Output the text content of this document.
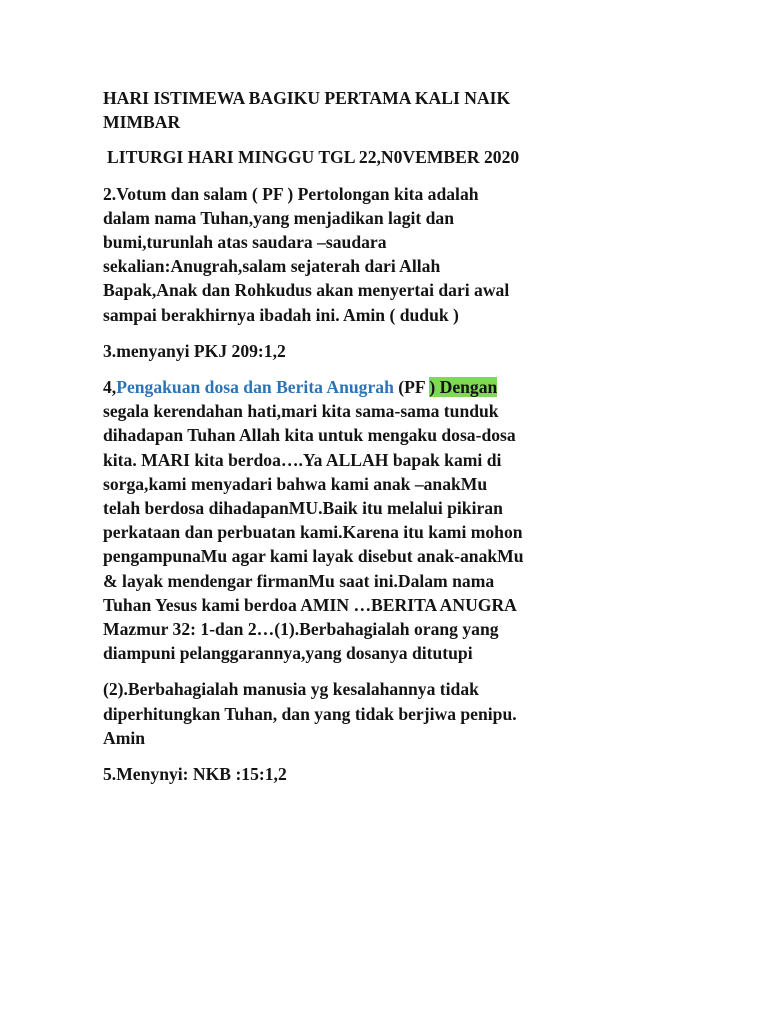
HARI ISTIMEWA BAGIKU PERTAMA KALI NAIK
MIMBAR
LITURGI HARI MINGGU TGL 22,N0VEMBER 2020
2.Votum dan salam ( PF ) Pertolongan kita adalah
dalam nama Tuhan,yang menjadikan lagit dan
bumi,turunlah atas saudara –saudara
sekalian:Anugrah,salam sejaterah dari Allah
Bapak,Anak dan Rohkudus akan menyertai dari awal
sampai berakhirnya ibadah ini. Amin ( duduk )
3.menyanyi PKJ 209:1,2
4,Pengakuan dosa dan Berita Anugrah (PF ) Dengan
segala kerendahan hati,mari kita sama-sama tunduk
dihadapan Tuhan Allah kita untuk mengaku dosa-dosa
kita. MARI kita berdoa….Ya ALLAH bapak kami di
sorga,kami menyadari bahwa kami anak –anakMu
telah berdosa dihadapanMU.Baik itu melalui pikiran
perkataan dan perbuatan kami.Karena itu kami mohon
pengampunaMu agar kami layak disebut anak-anakMu
& layak mendengar firmanMu saat ini.Dalam nama
Tuhan Yesus kami berdoa AMIN …BERITA ANUGRA
Mazmur 32: 1-dan 2…(1).Berbahagialah orang yang
diampuni pelanggarannya,yang dosanya ditutupi
(2).Berbahagialah manusia yg kesalahannya tidak
diperhitungkan Tuhan, dan yang tidak berjiwa penipu.
Amin
5.Menynyi: NKB :15:1,2
